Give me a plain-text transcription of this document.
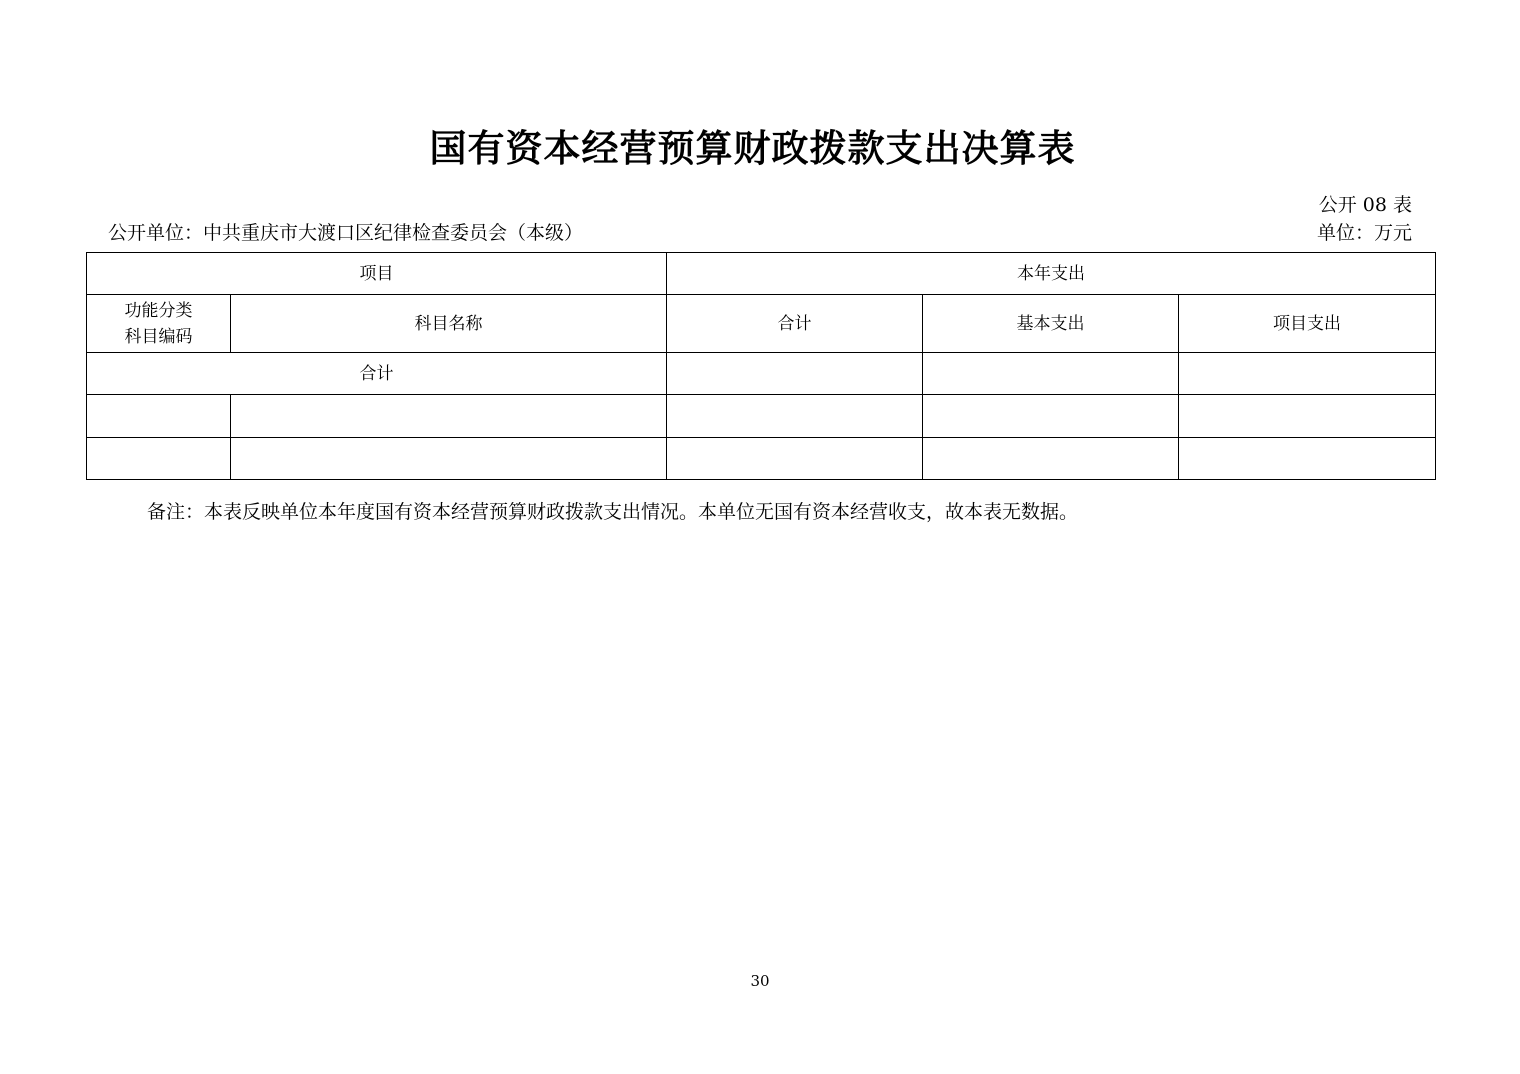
国有资本经营预算财政拨款支出决算表
公开 08 表
公开单位：中共重庆市大渡口区纪律检查委员会（本级）	单位：万元
项目		本年支出		

功能分类
科目编码	科目名称	合计	基本支出	项目支出
合计				

备注：本表反映单位本年度国有资本经营预算财政拨款支出情况。本单位无国有资本经营收支，故本表无数据。
30
